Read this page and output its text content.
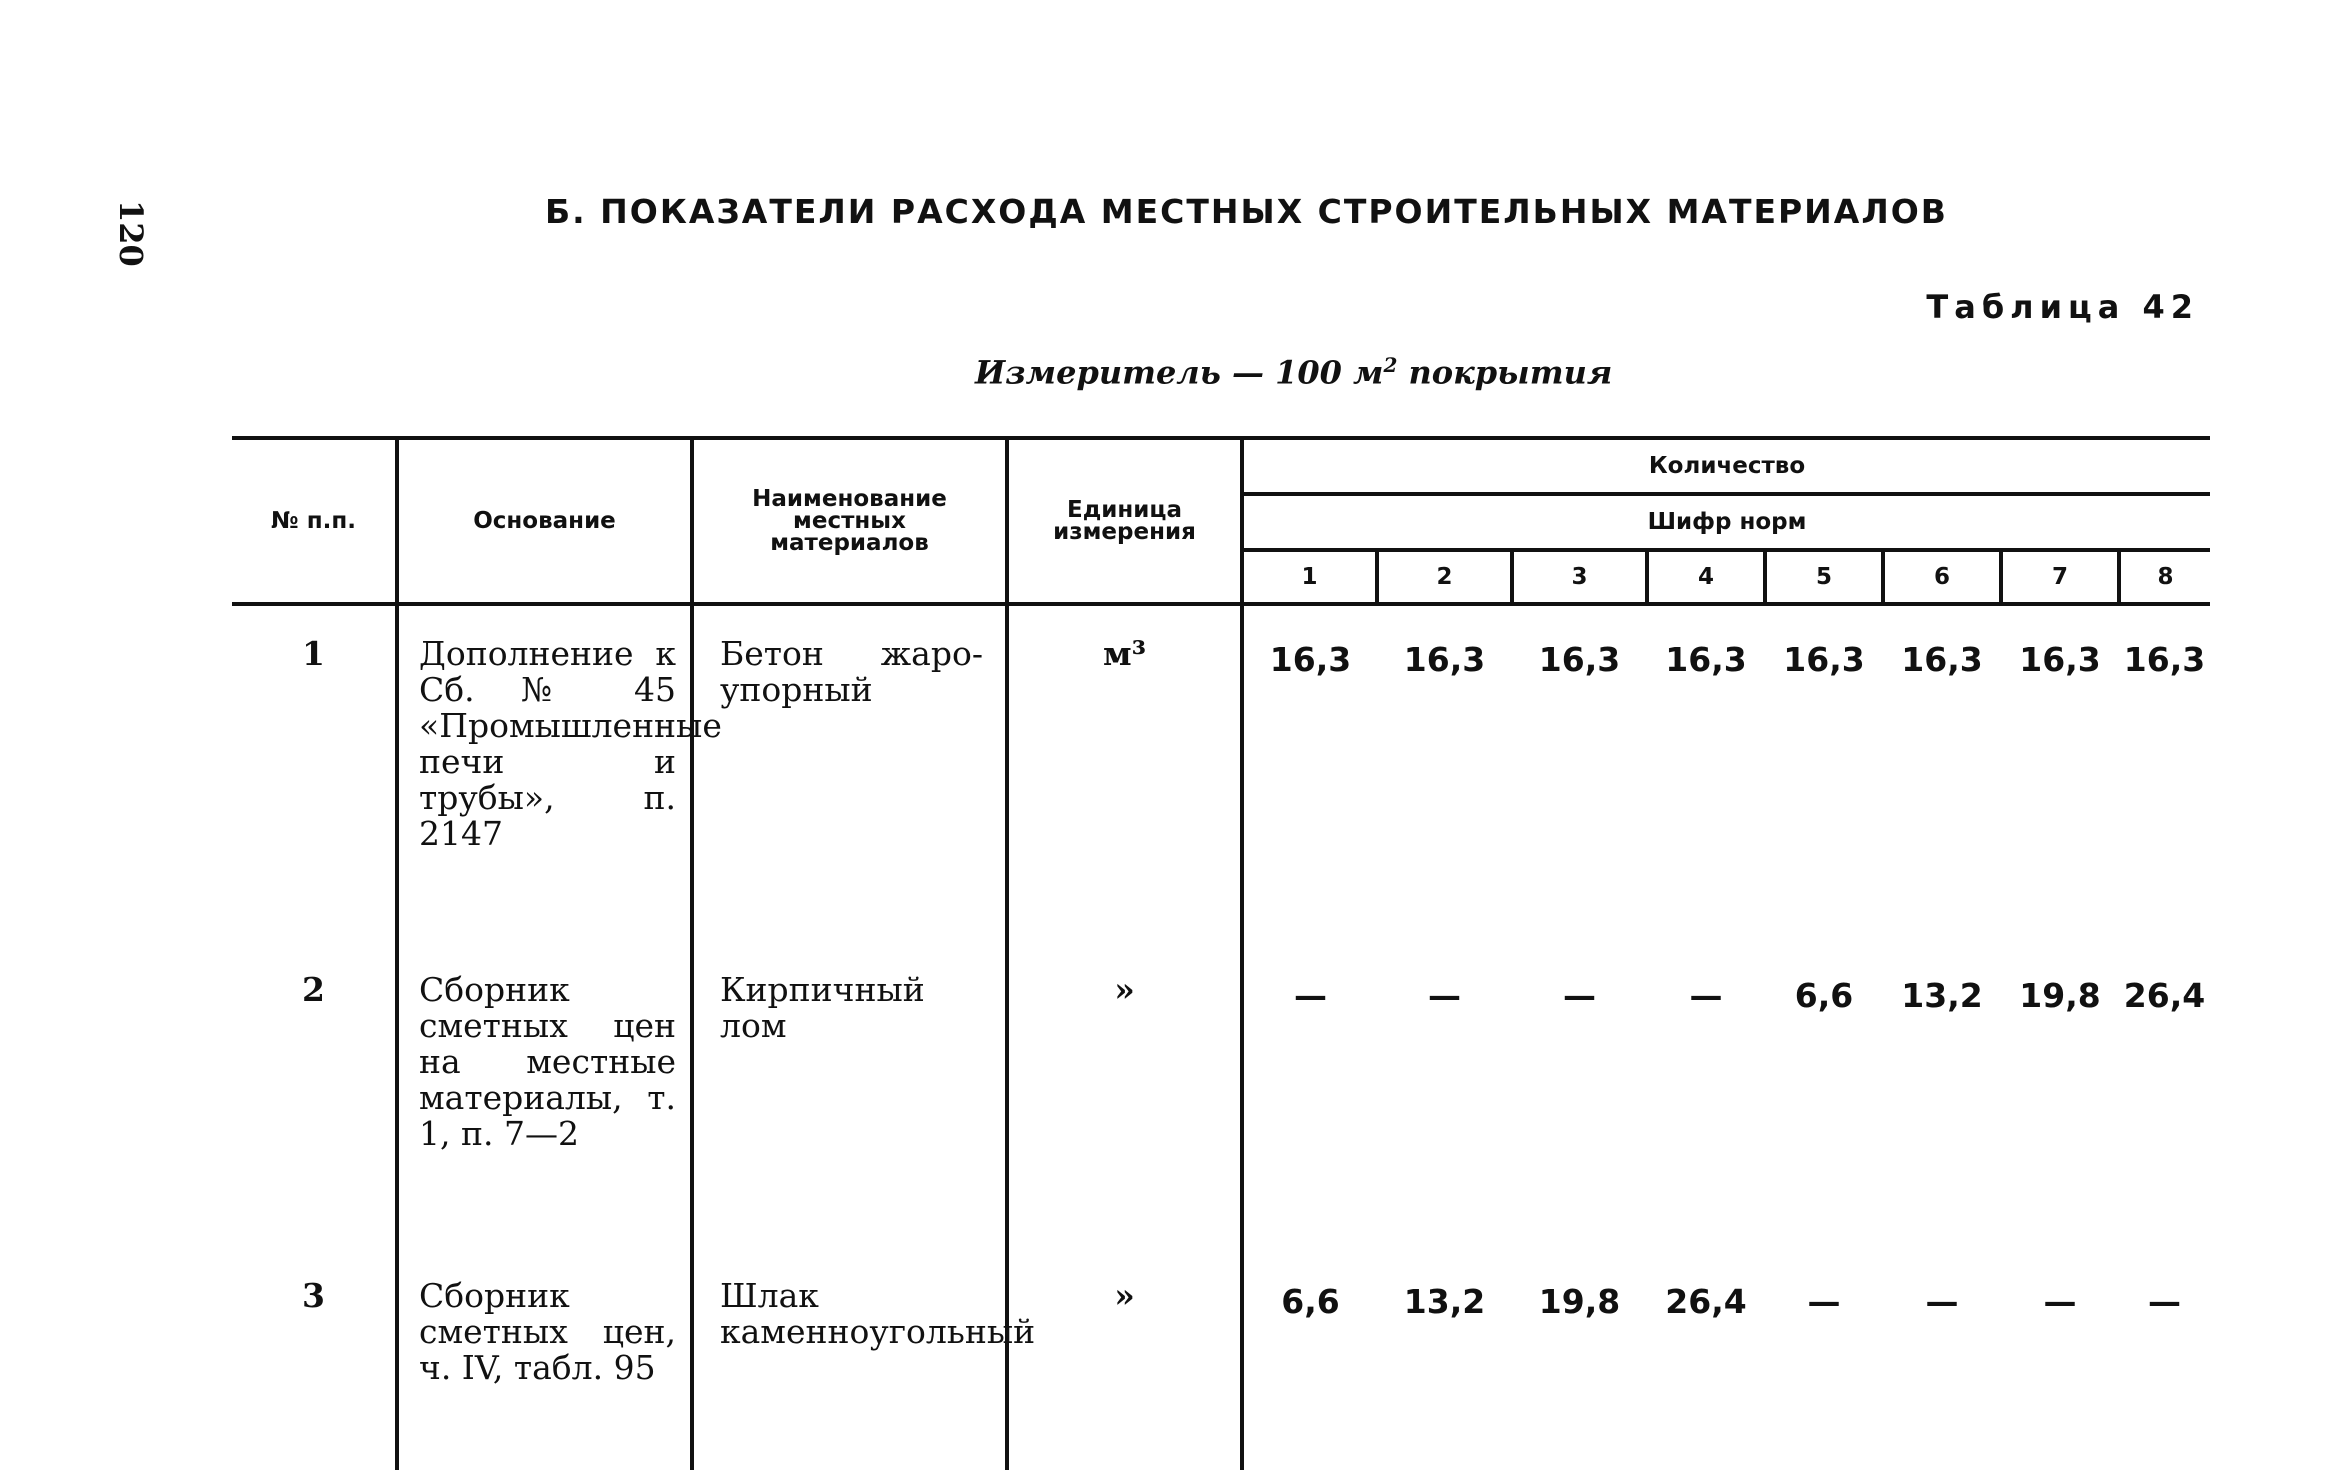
120	Б. ПОКАЗАТЕЛИ РАСХОДА МЕСТНЫХ СТРОИТЕЛЬНЫХ МАТЕРИАЛОВ
Таблица 42
Измеритель — 100 $м^2$ покрытия
№ п.п.	Основание	Наименование местных материалов	Единица измерения	Количество							
				Шифр норм							
				1	2	3	4	5	6	7	8
1	Дополнение к Сб. № 45 «Промышленные печи и трубы», п. 2147	Бетон жароупорный	м³	16,3	16,3	16,3	16,3	16,3	16,3	16,3	16,3
2	Сборник сметных цен на местные материалы, т. 1, п. 7—2	Кирпичный лом	»	—	—	—	—	6,6	13,2	19,8	26,4
3	Сборник сметных цен, ч. IV, табл. 95	Шлак каменноугольный	»	6,6	13,2	19,8	26,4	—	—	—	—
